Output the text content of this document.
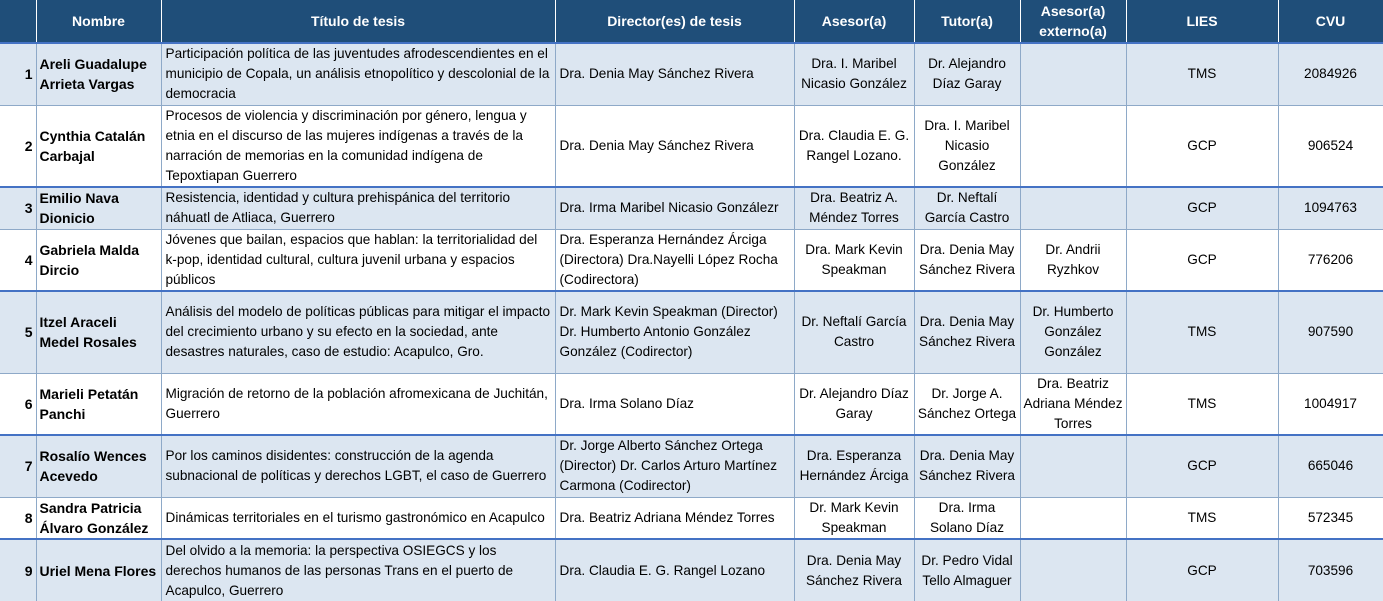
	Nombre	Título de tesis	Director(es) de tesis	Asesor(a)	Tutor(a)	Asesor(a) externo(a)	LIES	CVU
1	Areli Guadalupe Arrieta Vargas	Participación política de las juventudes afrodescendientes en el municipio de Copala, un análisis etnopolítico y descolonial de la democracia	Dra. Denia May Sánchez Rivera	Dra. I. Maribel Nicasio González	Dr. Alejandro Díaz Garay		TMS	2084926
2	Cynthia Catalán Carbajal	Procesos de violencia y discriminación por género, lengua y etnia en el discurso de las mujeres indígenas a través de la narración de memorias en la comunidad indígena de Tepoxtiapan Guerrero	Dra. Denia May Sánchez Rivera	Dra. Claudia E. G. Rangel Lozano.	Dra. I. Maribel Nicasio González		GCP	906524
3	Emilio Nava Dionicio	Resistencia, identidad y cultura prehispánica del territorio náhuatl de Atliaca, Guerrero	Dra. Irma Maribel Nicasio Gonzálezr	Dra. Beatriz A. Méndez Torres	Dr. Neftalí García Castro		GCP	1094763
4	Gabriela Malda Dircio	Jóvenes que bailan, espacios que hablan: la territorialidad del k-pop, identidad cultural, cultura juvenil urbana y espacios públicos	Dra. Esperanza Hernández Árciga (Directora) Dra.Nayelli López Rocha (Codirectora)	Dra. Mark Kevin Speakman	Dra. Denia May Sánchez Rivera	Dr. Andrii Ryzhkov	GCP	776206
5	Itzel Araceli Medel Rosales	Análisis del modelo de políticas públicas para mitigar el impacto del crecimiento urbano y su efecto en la sociedad, ante desastres naturales, caso de estudio: Acapulco, Gro.	Dr. Mark Kevin Speakman (Director) Dr. Humberto Antonio González González (Codirector)	Dr. Neftalí García Castro	Dra. Denia May Sánchez Rivera	Dr. Humberto González González	TMS	907590
6	Marieli Petatán Panchi	Migración de retorno de la población afromexicana de Juchitán, Guerrero	Dra. Irma Solano Díaz	Dr. Alejandro Díaz Garay	Dr. Jorge A. Sánchez Ortega	Dra. Beatriz Adriana Méndez Torres	TMS	1004917
7	Rosalío Wences Acevedo	Por los caminos disidentes: construcción de la agenda subnacional de políticas y derechos LGBT, el caso de Guerrero	Dr. Jorge Alberto Sánchez Ortega (Director) Dr. Carlos Arturo Martínez Carmona (Codirector)	Dra. Esperanza Hernández Árciga	Dra. Denia May Sánchez Rivera		GCP	665046
8	Sandra Patricia Álvaro González	Dinámicas territoriales en el turismo gastronómico en Acapulco	Dra. Beatriz Adriana Méndez Torres	Dr. Mark Kevin Speakman	Dra. Irma Solano Díaz		TMS	572345
9	Uriel Mena Flores	Del olvido a la memoria: la perspectiva OSIEGCS y los derechos humanos de las personas Trans en el puerto de Acapulco, Guerrero	Dra. Claudia E. G. Rangel Lozano	Dra. Denia May Sánchez Rivera	Dr. Pedro Vidal Tello Almaguer		GCP	703596
